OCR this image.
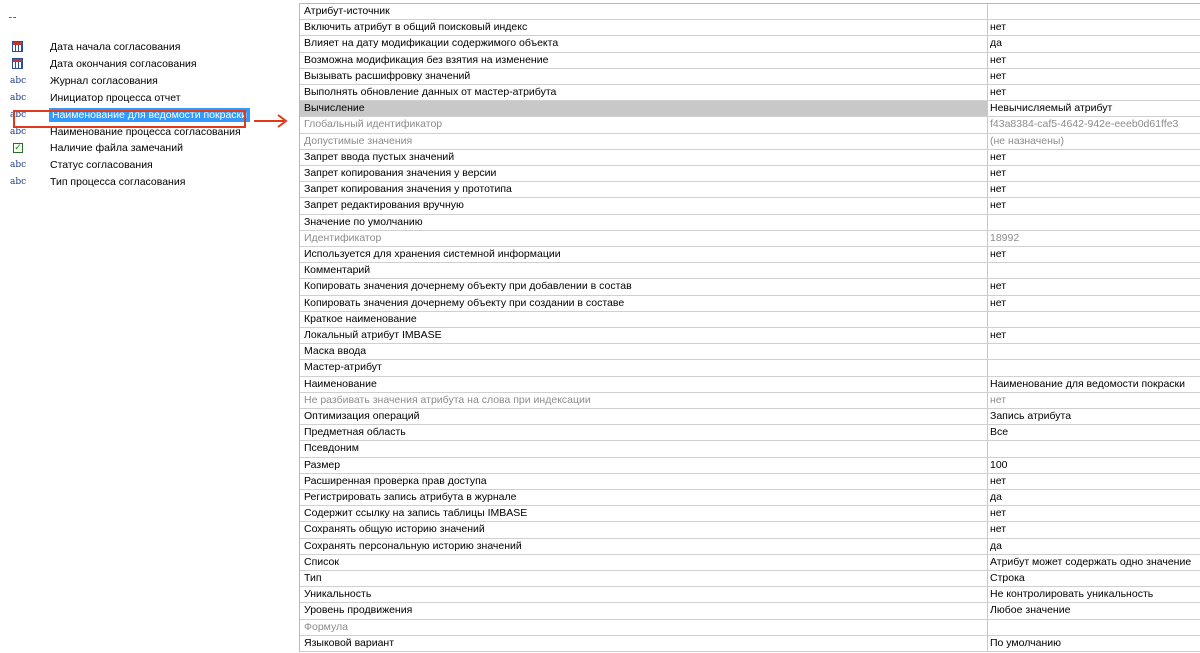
Дата начала согласования
Дата окончания согласования
abc	Журнал согласования
abc	Инициатор процесса отчет
abc	Наименование для ведомости покраски
abc	Наименование процесса согласования
✓	Наличие файла замечаний
abc	Статус согласования
abc	Тип процесса согласования
Атрибут-источник
Включить атрибут в общий поисковый индекс	нет
Влияет на дату модификации содержимого объекта	да
Возможна модификация без взятия на изменение	нет
Вызывать расшифровку значений	нет
Выполнять обновление данных от мастер-атрибута	нет
Вычисление	Невычисляемый атрибут
Глобальный идентификатор	f43a8384-caf5-4642-942e-eeeb0d61ffe3
Допустимые значения	(не назначены)
Запрет ввода пустых значений	нет
Запрет копирования значения у версии	нет
Запрет копирования значения у прототипа	нет
Запрет редактирования вручную	нет
Значение по умолчанию
Идентификатор	18992
Используется для хранения системной информации	нет
Комментарий
Копировать значения дочернему объекту при добавлении в состав	нет
Копировать значения дочернему объекту при создании в составе	нет
Краткое наименование
Локальный атрибут IMBASE	нет
Маска ввода
Мастер-атрибут
Наименование	Наименование для ведомости покраски
Не разбивать значения атрибута на слова при индексации	нет
Оптимизация операций	Запись атрибута
Предметная область	Все
Псевдоним
Размер	100
Расширенная проверка прав доступа	нет
Регистрировать запись атрибута в журнале	да
Содержит ссылку на запись таблицы IMBASE	нет
Сохранять общую историю значений	нет
Сохранять персональную историю значений	да
Список	Атрибут может содержать одно значение
Тип	Строка
Уникальность	Не контролировать уникальность
Уровень продвижения	Любое значение
Формула
Языковой вариант	По умолчанию
